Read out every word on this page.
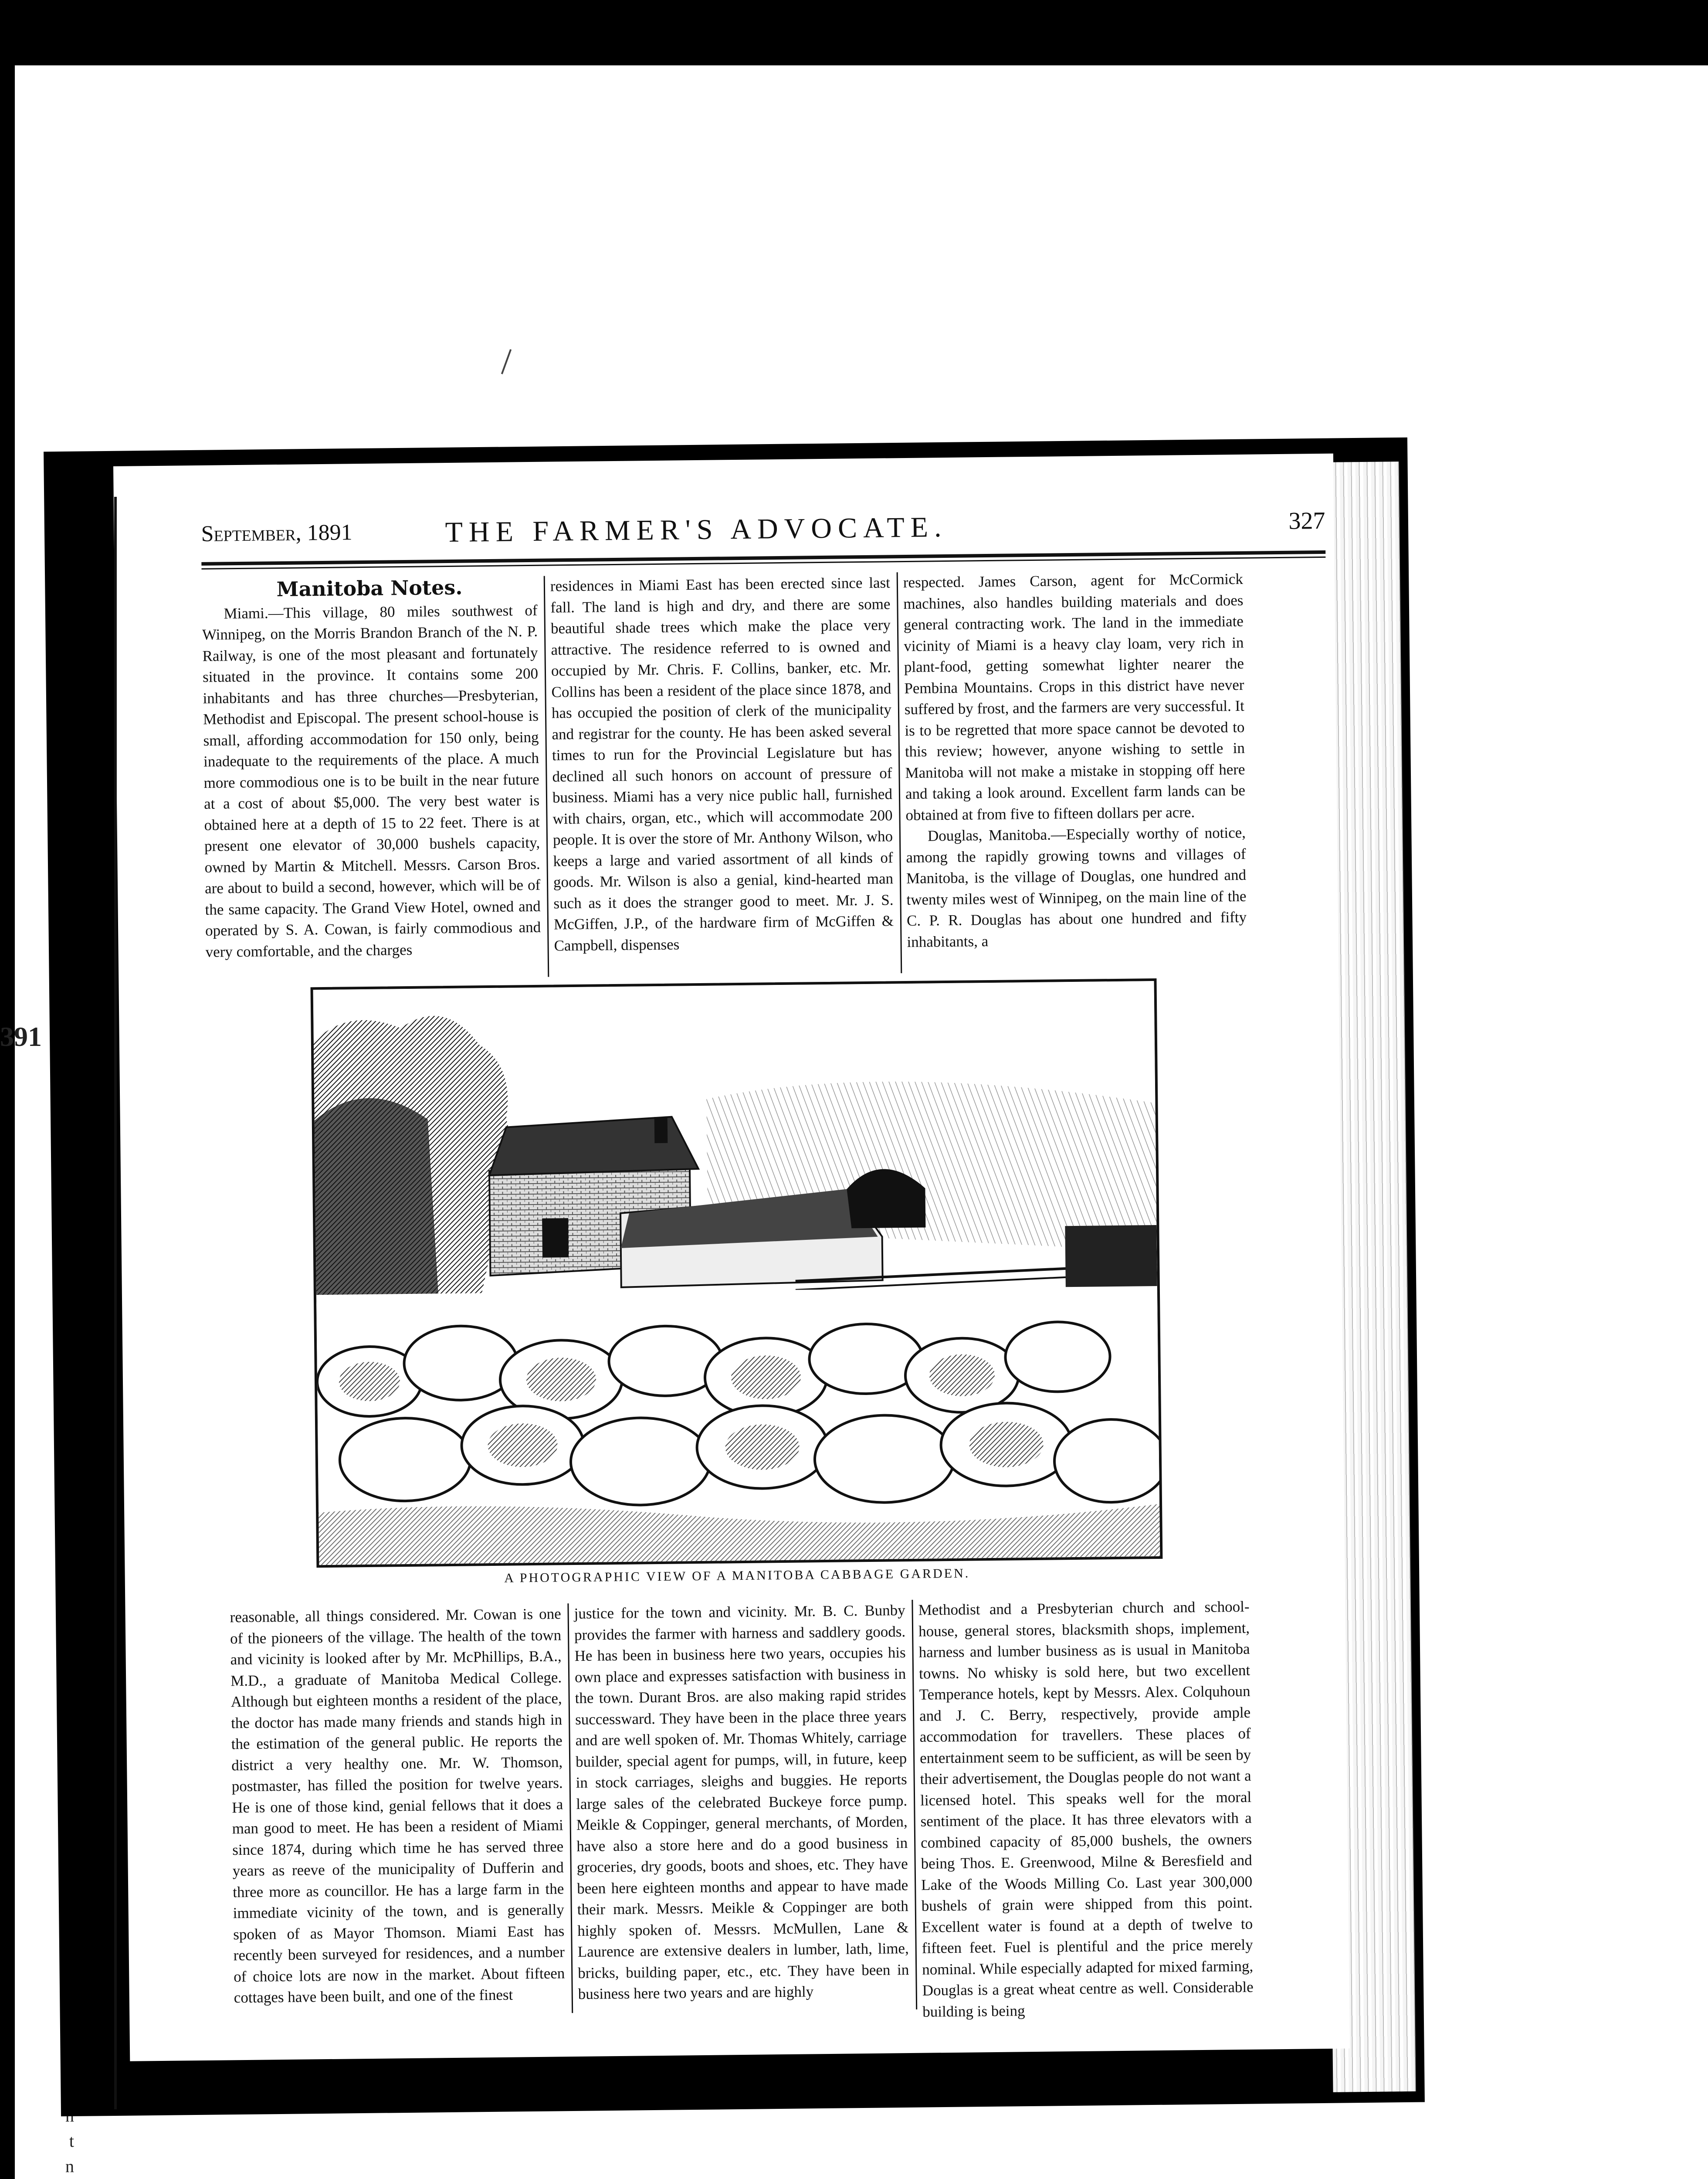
391
t
n
September, 1891	THE FARMER'S ADVOCATE.	327

Manitoba Notes.

Miami.—This village, 80 miles southwest of Winnipeg, on the Morris Brandon Branch of the N. P. Railway, is one of the most pleasant and fortunately situated in the province. It contains some 200 inhabitants and has three churches—Presbyterian, Methodist and Episcopal. The present school-house is small, affording accommodation for 150 only, being inadequate to the requirements of the place. A much more commodious one is to be built in the near future at a cost of about $5,000. The very best water is obtained here at a depth of 15 to 22 feet. There is at present one elevator of 30,000 bushels capacity, owned by Martin & Mitchell. Messrs. Carson Bros. are about to build a second, however, which will be of the same capacity. The Grand View Hotel, owned and operated by S. A. Cowan, is fairly commodious and very comfortable, and the charges

residences in Miami East has been erected since last fall. The land is high and dry, and there are some beautiful shade trees which make the place very attractive. The residence referred to is owned and occupied by Mr. Chris. F. Collins, banker, etc. Mr. Collins has been a resident of the place since 1878, and has occupied the position of clerk of the municipality and registrar for the county. He has been asked several times to run for the Provincial Legislature but has declined all such honors on account of pressure of business. Miami has a very nice public hall, furnished with chairs, organ, etc., which will accommodate 200 people. It is over the store of Mr. Anthony Wilson, who keeps a large and varied assortment of all kinds of goods. Mr. Wilson is also a genial, kind-hearted man such as it does the stranger good to meet. Mr. J. S. McGiffen, J.P., of the hardware firm of McGiffen & Campbell, dispenses

respected. James Carson, agent for McCormick machines, also handles building materials and does general contracting work. The land in the immediate vicinity of Miami is a heavy clay loam, very rich in plant-food, getting somewhat lighter nearer the Pembina Mountains. Crops in this district have never suffered by frost, and the farmers are very successful. It is to be regretted that more space cannot be devoted to this review; however, anyone wishing to settle in Manitoba will not make a mistake in stopping off here and taking a look around. Excellent farm lands can be obtained at from five to fifteen dollars per acre.

Douglas, Manitoba.—Especially worthy of notice, among the rapidly growing towns and villages of Manitoba, is the village of Douglas, one hundred and twenty miles west of Winnipeg, on the main line of the C. P. R. Douglas has about one hundred and fifty inhabitants, a

A PHOTOGRAPHIC VIEW OF A MANITOBA CABBAGE GARDEN.

reasonable, all things considered. Mr. Cowan is one of the pioneers of the village. The health of the town and vicinity is looked after by Mr. McPhillips, B.A., M.D., a graduate of Manitoba Medical College. Although but eighteen months a resident of the place, the doctor has made many friends and stands high in the estimation of the general public. He reports the district a very healthy one. Mr. W. Thomson, postmaster, has filled the position for twelve years. He is one of those kind, genial fellows that it does a man good to meet. He has been a resident of Miami since 1874, during which time he has served three years as reeve of the municipality of Dufferin and three more as councillor. He has a large farm in the immediate vicinity of the town, and is generally spoken of as Mayor Thomson. Miami East has recently been surveyed for residences, and a number of choice lots are now in the market. About fifteen cottages have been built, and one of the finest

justice for the town and vicinity. Mr. B. C. Bunby provides the farmer with harness and saddlery goods. He has been in business here two years, occupies his own place and expresses satisfaction with business in the town. Durant Bros. are also making rapid strides successward. They have been in the place three years and are well spoken of. Mr. Thomas Whitely, carriage builder, special agent for pumps, will, in future, keep in stock carriages, sleighs and buggies. He reports large sales of the celebrated Buckeye force pump. Meikle & Coppinger, general merchants, of Morden, have also a store here and do a good business in groceries, dry goods, boots and shoes, etc. They have been here eighteen months and appear to have made their mark. Messrs. Meikle & Coppinger are both highly spoken of. Messrs. McMullen, Lane & Laurence are extensive dealers in lumber, lath, lime, bricks, building paper, etc., etc. They have been in business here two years and are highly

Methodist and a Presbyterian church and school-house, general stores, blacksmith shops, implement, harness and lumber business as is usual in Manitoba towns. No whisky is sold here, but two excellent Temperance hotels, kept by Messrs. Alex. Colquhoun and J. C. Berry, respectively, provide ample accommodation for travellers. These places of entertainment seem to be sufficient, as will be seen by their advertisement, the Douglas people do not want a licensed hotel. This speaks well for the moral sentiment of the place. It has three elevators with a combined capacity of 85,000 bushels, the owners being Thos. E. Greenwood, Milne & Beresfield and Lake of the Woods Milling Co. Last year 300,000 bushels of grain were shipped from this point. Excellent water is found at a depth of twelve to fifteen feet. Fuel is plentiful and the price merely nominal. While especially adapted for mixed farming, Douglas is a great wheat centre as well. Considerable building is being
